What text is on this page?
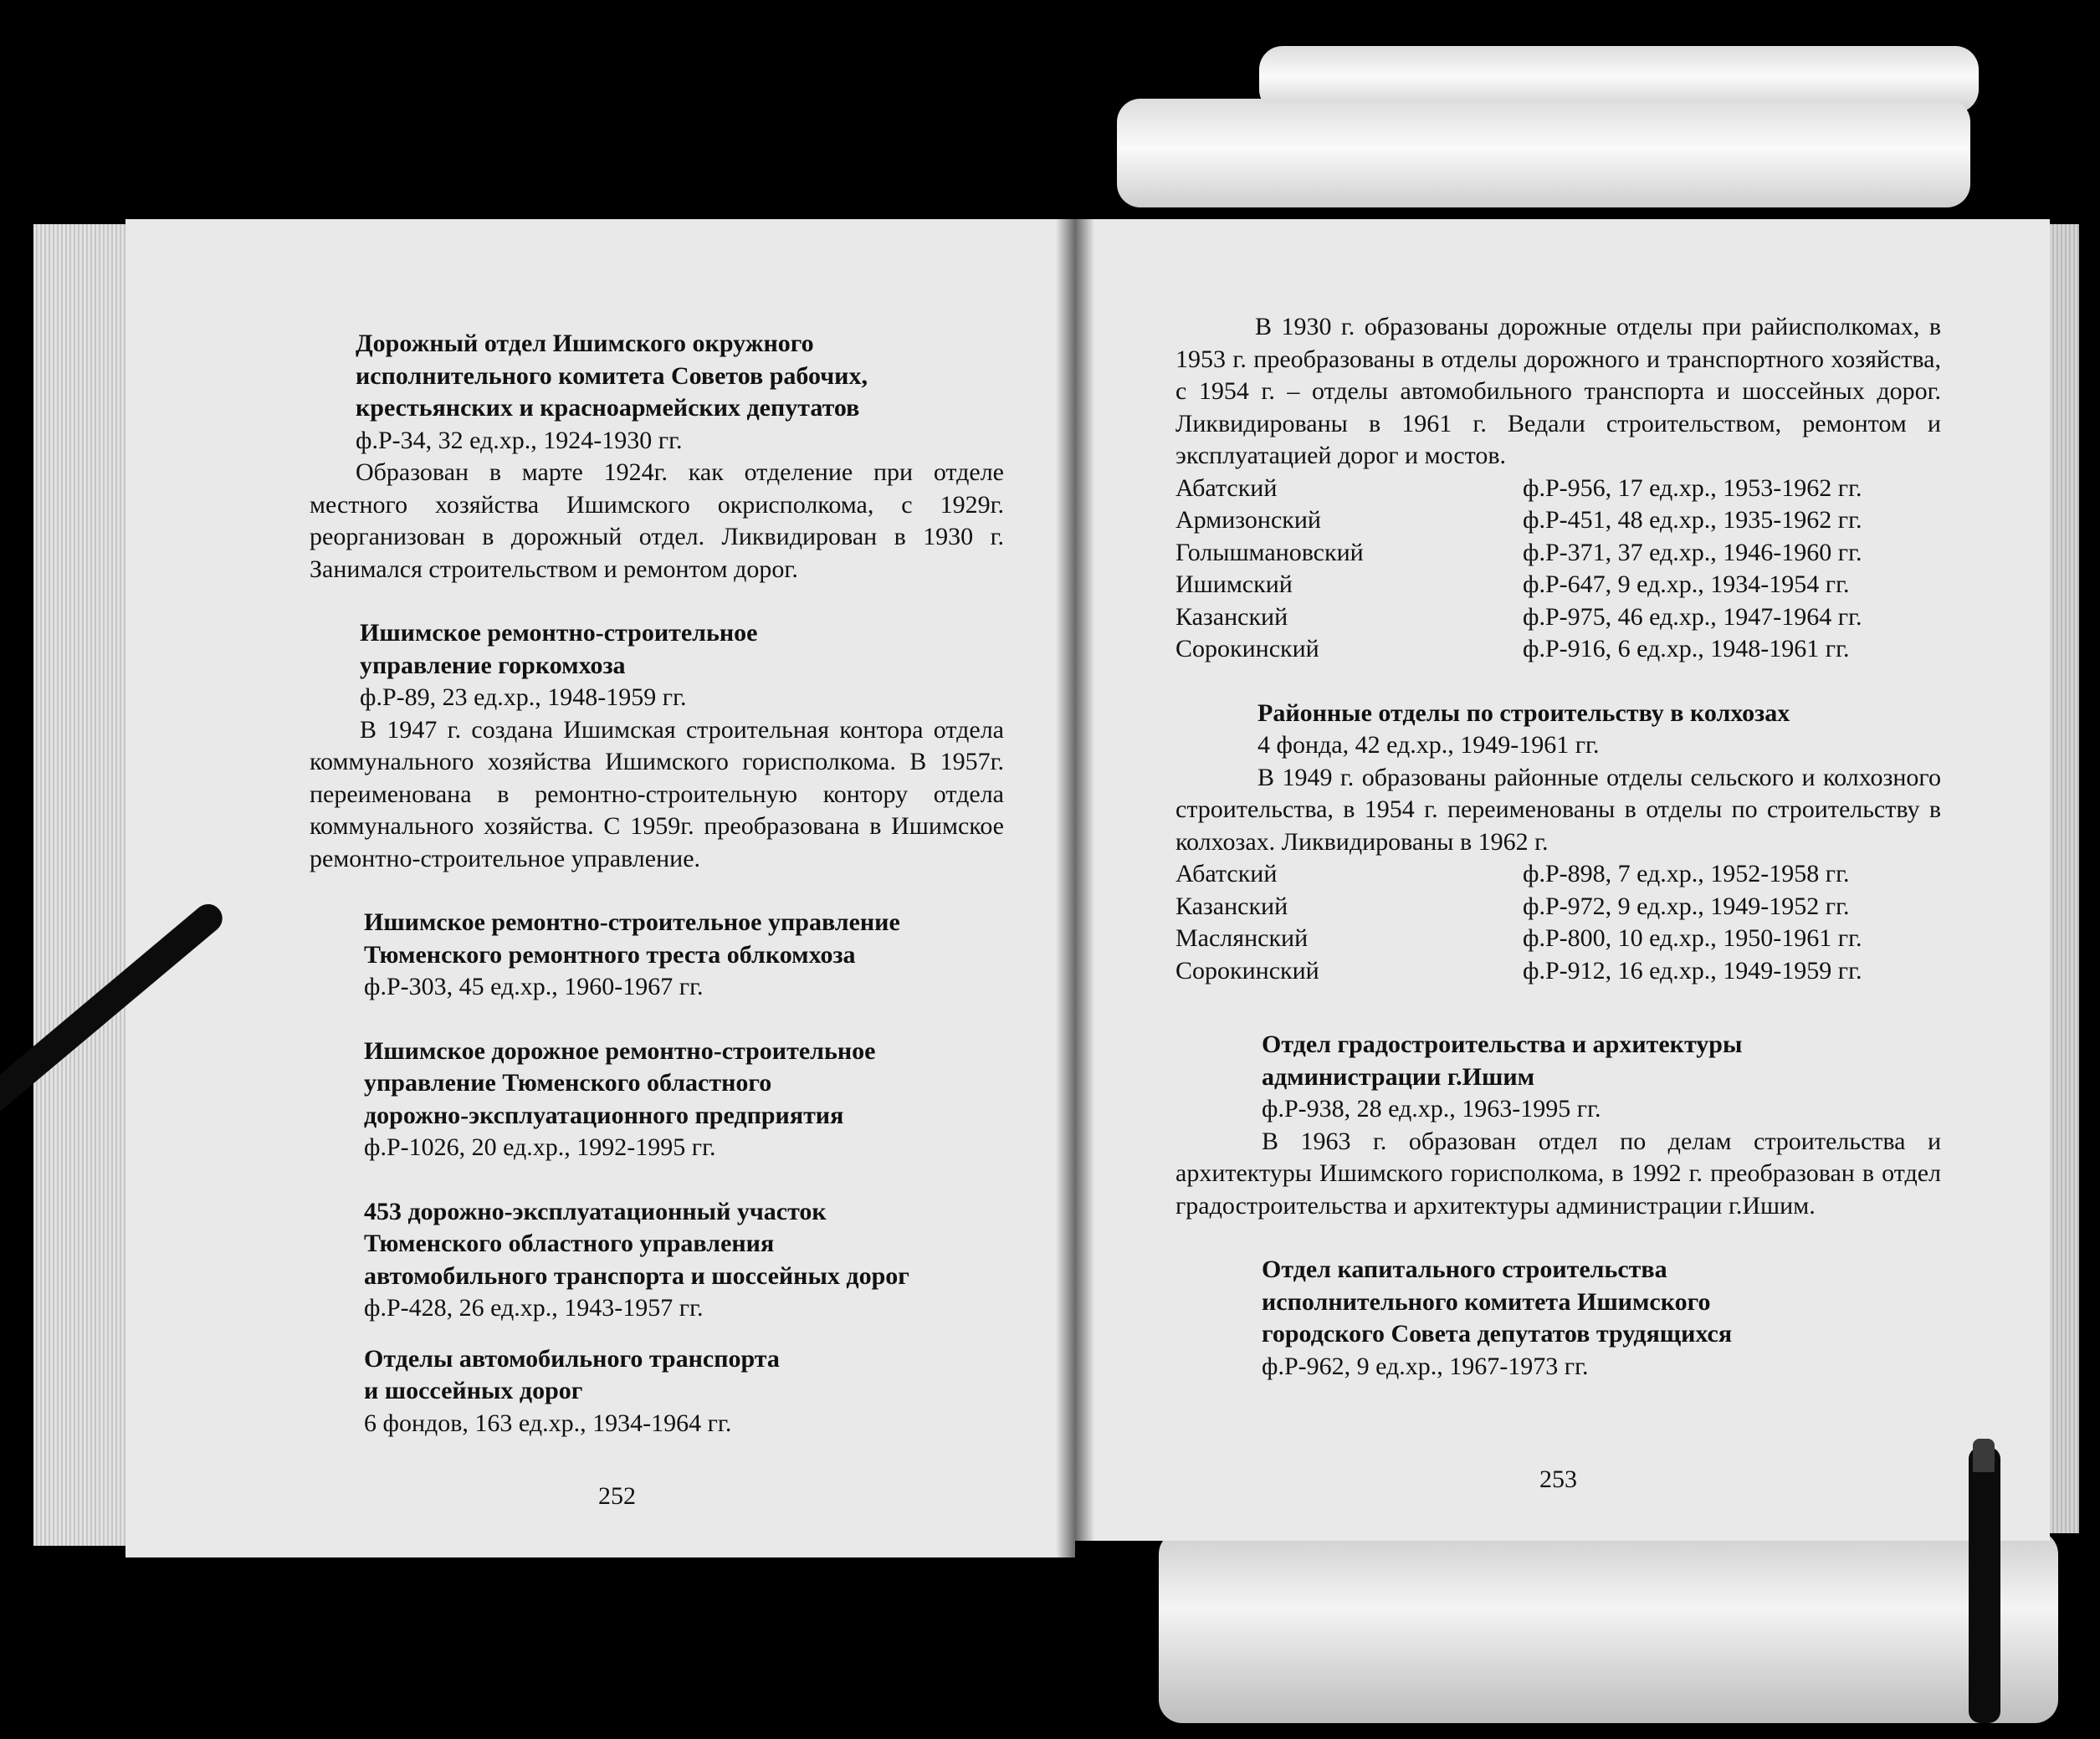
Дорожный отдел Ишимского окружного

исполнительного комитета Советов рабочих,

крестьянских и красноармейских депутатов

ф.Р-34, 32 ед.хр., 1924-1930 гг.

Образован в марте 1924г. как отделение при отделе местного хозяйства Ишимского окрисполкома, с 1929г. реорганизован в дорожный отдел. Ликвидирован в 1930 г. Занимался строительством и ремонтом дорог.

Ишимское ремонтно-строительное

управление горкомхоза

ф.Р-89, 23 ед.хр., 1948-1959 гг.

В 1947 г. создана Ишимская строительная контора отдела коммунального хозяйства Ишимского горисполкома. В 1957г. переименована в ремонтно-строительную контору отдела коммунального хозяйства. С 1959г. преобразована в Ишимское ремонтно-строительное управление.

Ишимское ремонтно-строительное управление

Тюменского ремонтного треста облкомхоза

ф.Р-303, 45 ед.хр., 1960-1967 гг.

Ишимское дорожное ремонтно-строительное

управление Тюменского областного

дорожно-эксплуатационного предприятия

ф.Р-1026, 20 ед.хр., 1992-1995 гг.

453 дорожно-эксплуатационный участок

Тюменского областного управления

автомобильного транспорта и шоссейных дорог

ф.Р-428, 26 ед.хр., 1943-1957 гг.

Отделы автомобильного транспорта

и шоссейных дорог

6 фондов, 163 ед.хр., 1934-1964 гг.

252

В 1930 г. образованы дорожные отделы при райисполкомах, в 1953 г. преобразованы в отделы дорожного и транспортного хозяйства, с 1954 г. – отделы автомобильного транспорта и шоссейных дорог. Ликвидированы в 1961 г. Ведали строительством, ремонтом и эксплуатацией дорог и мостов.

Абатский	ф.Р-956, 17 ед.хр., 1953-1962 гг.
Армизонский	ф.Р-451, 48 ед.хр., 1935-1962 гг.
Голышмановский	ф.Р-371, 37 ед.хр., 1946-1960 гг.
Ишимский	ф.Р-647, 9 ед.хр., 1934-1954 гг.
Казанский	ф.Р-975, 46 ед.хр., 1947-1964 гг.
Сорокинский	ф.Р-916, 6 ед.хр., 1948-1961 гг.

Районные отделы по строительству в колхозах

4 фонда, 42 ед.хр., 1949-1961 гг.

В 1949 г. образованы районные отделы сельского и колхозного строительства, в 1954 г. переименованы в отделы по строительству в колхозах. Ликвидированы в 1962 г.

Абатский	ф.Р-898, 7 ед.хр., 1952-1958 гг.
Казанский	ф.Р-972, 9 ед.хр., 1949-1952 гг.
Маслянский	ф.Р-800, 10 ед.хр., 1950-1961 гг.
Сорокинский	ф.Р-912, 16 ед.хр., 1949-1959 гг.

Отдел градостроительства и архитектуры

администрации г.Ишим

ф.Р-938, 28 ед.хр., 1963-1995 гг.

В 1963 г. образован отдел по делам строительства и архитектуры Ишимского горисполкома, в 1992 г. преобразован в отдел градостроительства и архитектуры администрации г.Ишим.

Отдел капитального строительства

исполнительного комитета Ишимского

городского Совета депутатов трудящихся

ф.Р-962, 9 ед.хр., 1967-1973 гг.

253
